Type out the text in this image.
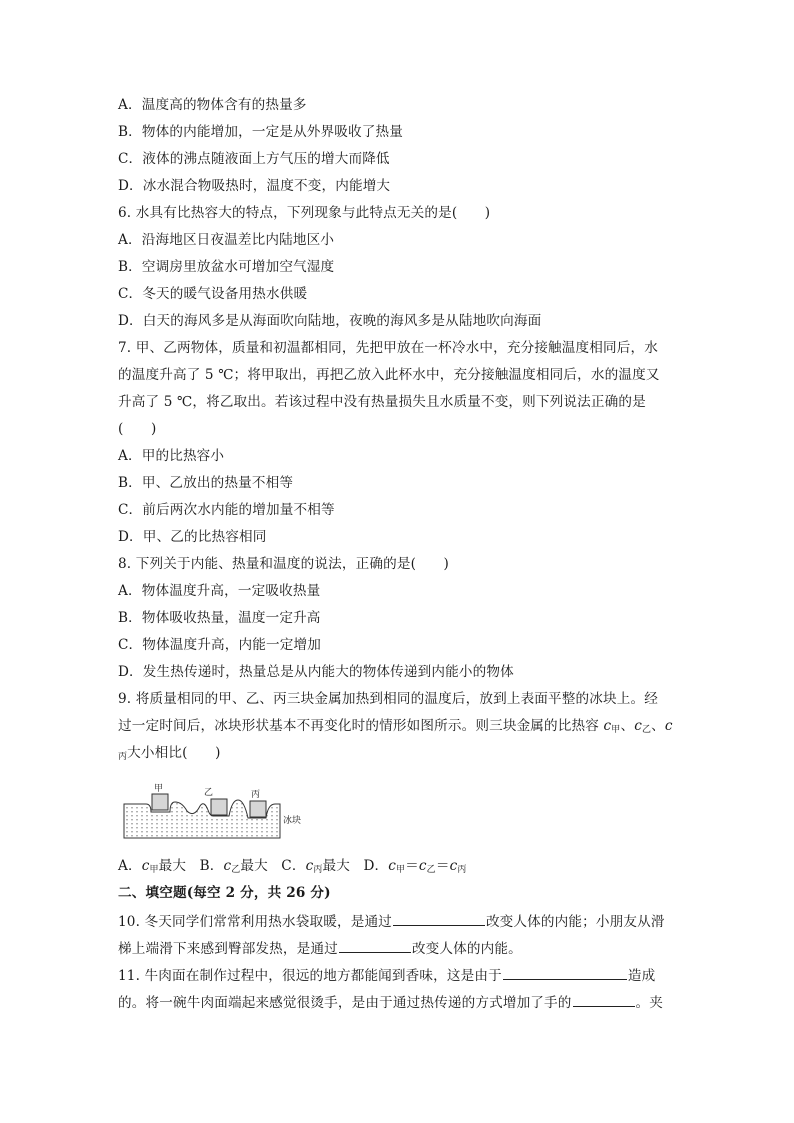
A．温度高的物体含有的热量多
B．物体的内能增加，一定是从外界吸收了热量
C．液体的沸点随液面上方气压的增大而降低
D．冰水混合物吸热时，温度不变，内能增大
6. 水具有比热容大的特点，下列现象与此特点无关的是(　　)
A．沿海地区日夜温差比内陆地区小
B．空调房里放盆水可增加空气湿度
C．冬天的暖气设备用热水供暖
D．白天的海风多是从海面吹向陆地，夜晚的海风多是从陆地吹向海面
7. 甲、乙两物体，质量和初温都相同，先把甲放在一杯冷水中，充分接触温度相同后，水
的温度升高了 5 ℃；将甲取出，再把乙放入此杯水中，充分接触温度相同后，水的温度又
升高了 5 ℃，将乙取出。若该过程中没有热量损失且水质量不变，则下列说法正确的是
(　　)
A．甲的比热容小
B．甲、乙放出的热量不相等
C．前后两次水内能的增加量不相等
D．甲、乙的比热容相同
8. 下列关于内能、热量和温度的说法，正确的是(　　)
A．物体温度升高，一定吸收热量
B．物体吸收热量，温度一定升高
C．物体温度升高，内能一定增加
D．发生热传递时，热量总是从内能大的物体传递到内能小的物体
9. 将质量相同的甲、乙、丙三块金属加热到相同的温度后，放到上表面平整的冰块上。经
过一定时间后，冰块形状基本不再变化时的情形如图所示。则三块金属的比热容 $c_甲$、$c_乙$、c
$_丙$大小相比(　　)
甲	乙	丙
冰块
A．$c_甲$最大 B．$c_乙$最大 C．$c_丙$最大 D．$c_甲=c_乙=c_丙$
二、填空题(每空 2 分，共 26 分)
10. 冬天同学们常常利用热水袋取暖，是通过	改变人体的内能；小朋友从滑
梯上端滑下来感到臀部发热，是通过	改变人体的内能。
11. 牛肉面在制作过程中，很远的地方都能闻到香味，这是由于	造成
的。将一碗牛肉面端起来感觉很烫手，是由于通过热传递的方式增加了手的	。夹
